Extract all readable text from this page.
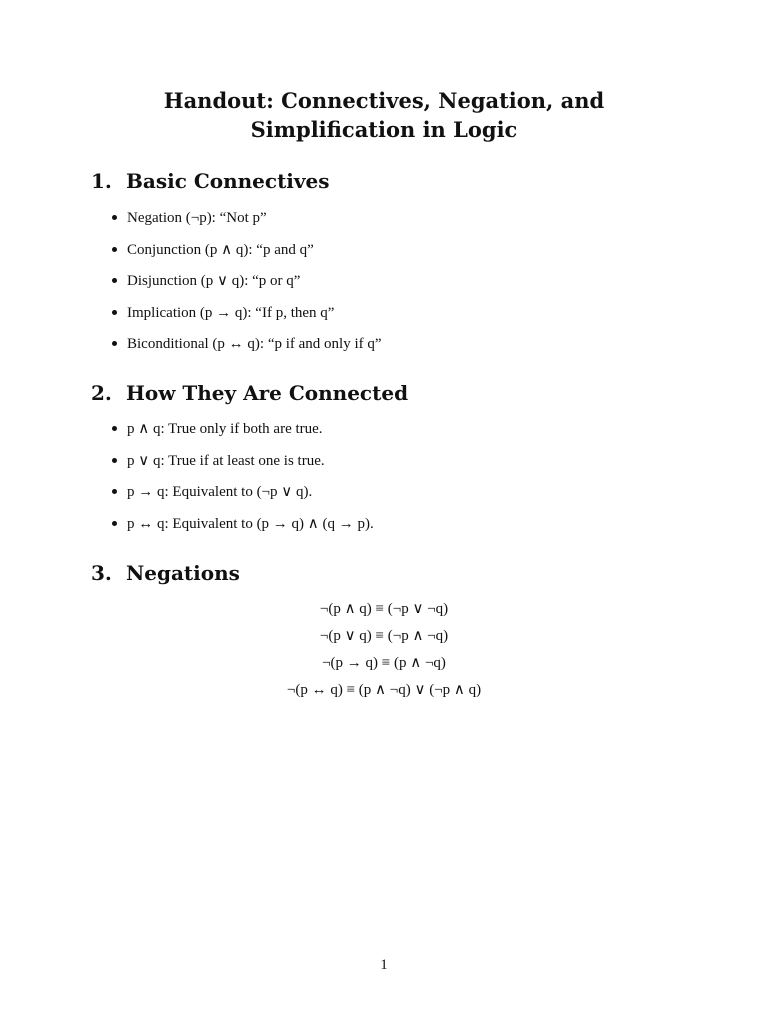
Handout: Connectives, Negation, and Simplification in Logic
1. Basic Connectives
Negation (¬p): “Not p”
Conjunction (p ∧ q): “p and q”
Disjunction (p ∨ q): “p or q”
Implication (p → q): “If p, then q”
Biconditional (p ↔ q): “p if and only if q”
2. How They Are Connected
p ∧ q: True only if both are true.
p ∨ q: True if at least one is true.
p → q: Equivalent to (¬p ∨ q).
p ↔ q: Equivalent to (p → q) ∧ (q → p).
3. Negations
¬(p ∧ q) ≡ (¬p ∨ ¬q)
¬(p ∨ q) ≡ (¬p ∧ ¬q)
¬(p → q) ≡ (p ∧ ¬q)
¬(p ↔ q) ≡ (p ∧ ¬q) ∨ (¬p ∧ q)
1
